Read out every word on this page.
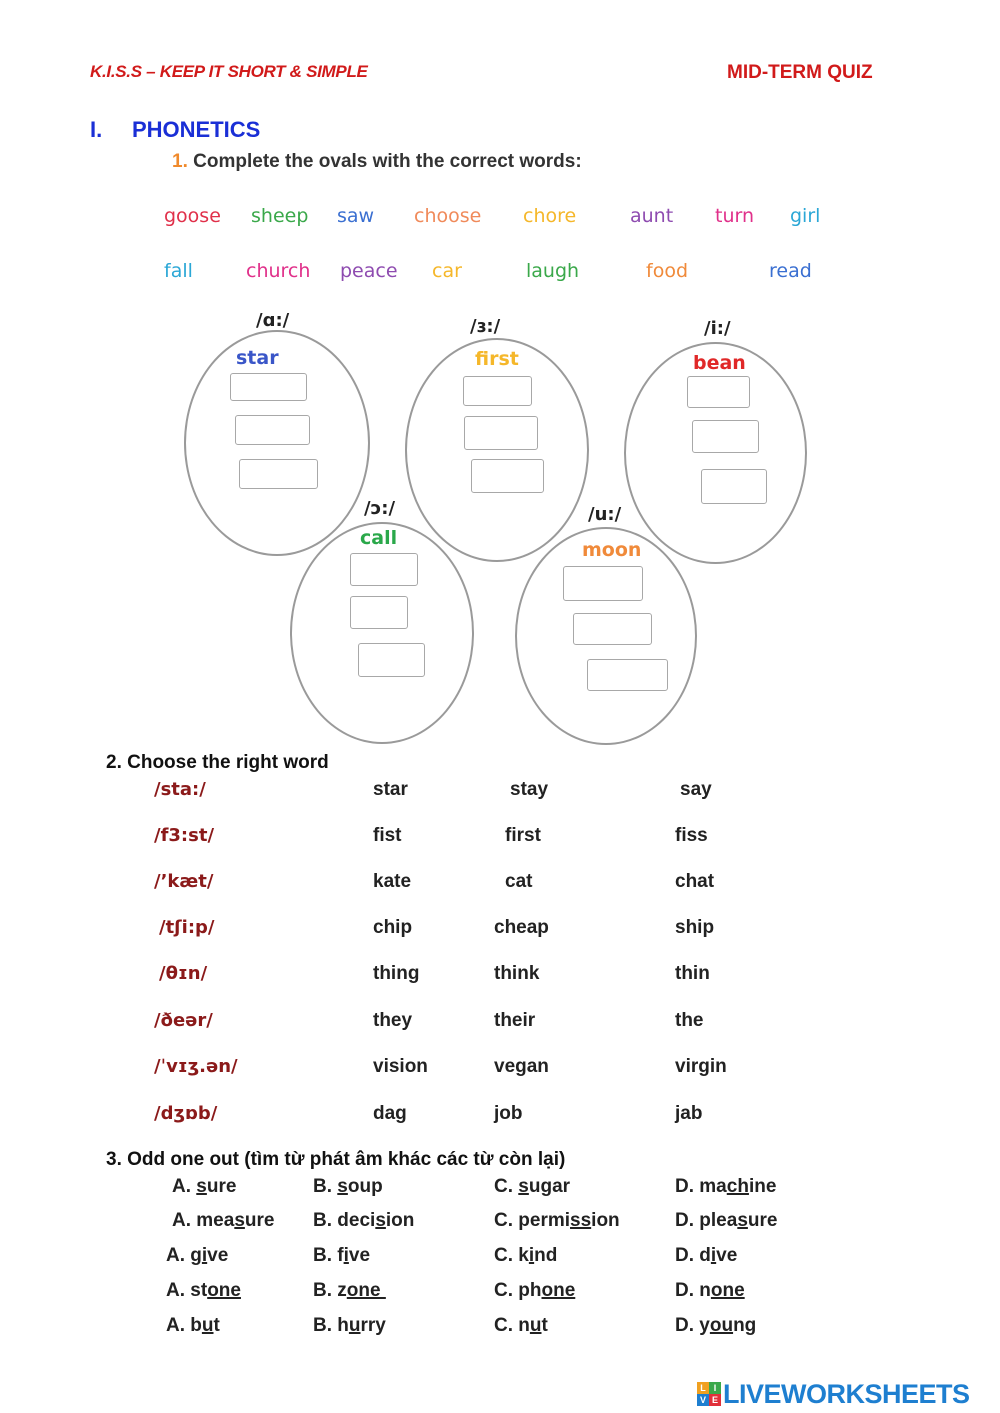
K.I.S.S – KEEP IT SHORT & SIMPLE	MID-TERM QUIZ
I. PHONETICS
1. Complete the ovals with the correct words:
goose sheep saw choose chore	aunt turn girl
fall	church peace car	laugh	food	read
/ɑ:/
star
/ɜ:/
first
/i:/
bean
/ɔ:/
call
/u:/
moon
2. Choose the right word
/sta:/	star	stay	say
/f3:st/	fist	first	fiss
/’kæt/	kate	cat	chat
/tʃi:p/	chip	cheap	ship
/θɪn/	thing	think	thin
/ðeər/	they	their	the
/ˈvɪʒ.ən/	vision	vegan	virgin
/dʒɒb/	dag	job	jab
3. Odd one out (tìm từ phát âm khác các từ còn lại)
A. sure	B. soup	C. sugar	D. machine
A. measure B. decision	C. permission	D. pleasure
A. give	B. five	C. kind	D. dive
A. stone	B. zone	C. phone	D. none
A. but	B. hurry	C. nut	D. young
L I
V E LIVEWORKSHEETS
